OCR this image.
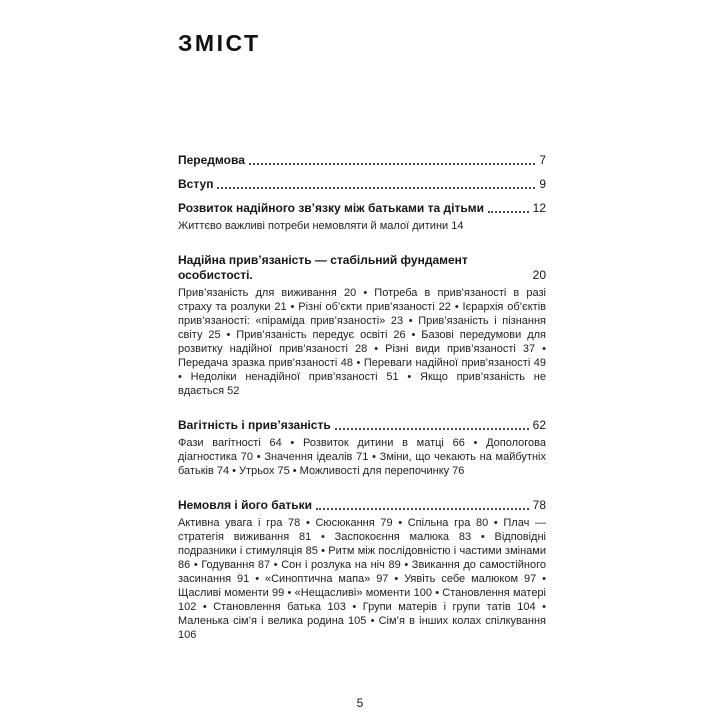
ЗМІСТ
Передмова	7
Вступ	9
Розвиток надійного зв’язку між батьками та дітьми	12

Життєво важливі потреби немовляти й малої дитини 14

Надійна прив’язаність — стабільний фундамент особистості.	20

Прив’язаність для виживання 20 • Потреба в прив’язаності в разі страху та розлуки 21 • Різні об’єкти прив’язаності 22 • Ієрархія об’єктів прив’язаності: «піраміда прив’язаності» 23 • Прив’язаність і пізнання світу 25 • Прив’язаність передує освіті 26 • Базові передумови для розвитку надійної прив’язаності 28 • Різні види прив’язаності 37 • Передача зразка прив’язаності 48 • Переваги надійної прив’язаності 49 • Недоліки ненадійної прив’язаності 51 • Якщо прив’язаність не вдається 52

Вагітність і прив’язаність	62

Фази вагітності 64 • Розвиток дитини в матці 66 • Допологова діагностика 70 • Значення ідеалів 71 • Зміни, що чекають на майбутніх батьків 74 • Утрьох 75 • Можливості для перепочинку 76

Немовля і його батьки	78

Активна увага і гра 78 • Сюсюкання 79 • Спільна гра 80 • Плач — стратегія виживання 81 • Заспокоєння малюка 83 • Відповідні подразники і стимуляція 85 • Ритм між послідовністю і частими змінами 86 • Годування 87 • Сон і розлука на ніч 89 • Звикання до самостійного засинання 91 • «Синоптична мапа» 97 • Уявіть себе малюком 97 • Щасливі моменти 99 • «Нещасливі» моменти 100 • Становлення матері 102 • Становлення батька 103 • Групи матерів і групи татів 104 • Маленька сім’я і велика родина 105 • Сім’я в інших колах спілкування 106

5
